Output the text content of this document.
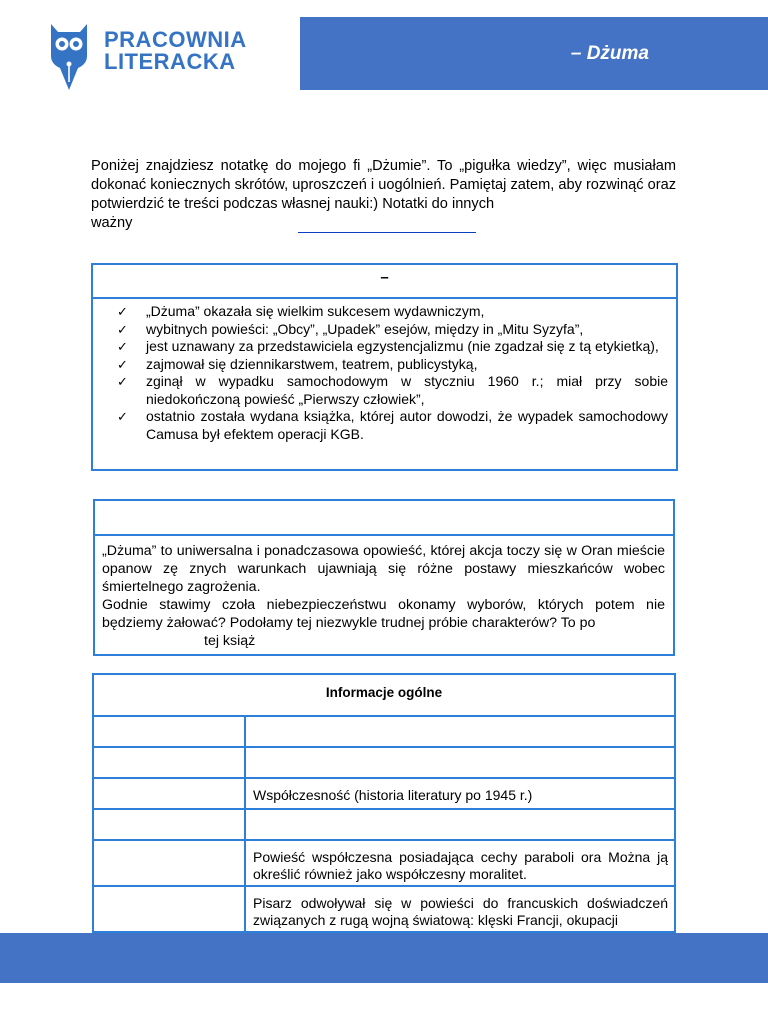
PRACOWNIA
LITERACKA	– Dżuma

Poniżej znajdziesz notatkę do mojego fi „Dżumie”. To „pigułka wiedzy”, więc musiałam dokonać koniecznych skrótów, uproszczeń i uogólnień. Pamiętaj zatem, aby rozwinąć oraz potwierdzić te treści podczas własnej nauki:) Notatki do innych

ważny

–
✓ „Dżuma” okazała się wielkim sukcesem wydawniczym,
✓ wybitnych powieści: „Obcy”, „Upadek” esejów, między in „Mitu Syzyfa”,
✓ jest uznawany za przedstawiciela egzystencjalizmu (nie zgadzał się z tą etykietką),
✓ zajmował się dziennikarstwem, teatrem, publicystyką,
✓ zginął w wypadku samochodowym w styczniu 1960 r.; miał przy sobie niedokończoną powieść „Pierwszy człowiek”,
✓ ostatnio została wydana książka, której autor dowodzi, że wypadek samochodowy Camusa był efektem operacji KGB.

„Dżuma” to uniwersalna i ponadczasowa opowieść, której akcja toczy się w Oran mieście opanow zę znych warunkach ujawniają się różne postawy mieszkańców wobec śmiertelnego zagrożenia.

Godnie stawimy czoła niebezpieczeństwu okonamy wyborów, których potem nie będziemy żałować? Podołamy tej niezwykle trudnej próbie charakterów? To po

tej książ

Informacje ogólne	

	Współczesność (historia literatury po 1945 r.)

	Powieść współczesna posiadająca cechy paraboli ora Można ją określić również jako współczesny moralitet.
	Pisarz odwoływał się w powieści do francuskich doświadczeń związanych z rugą wojną światową: klęski Francji, okupacji
